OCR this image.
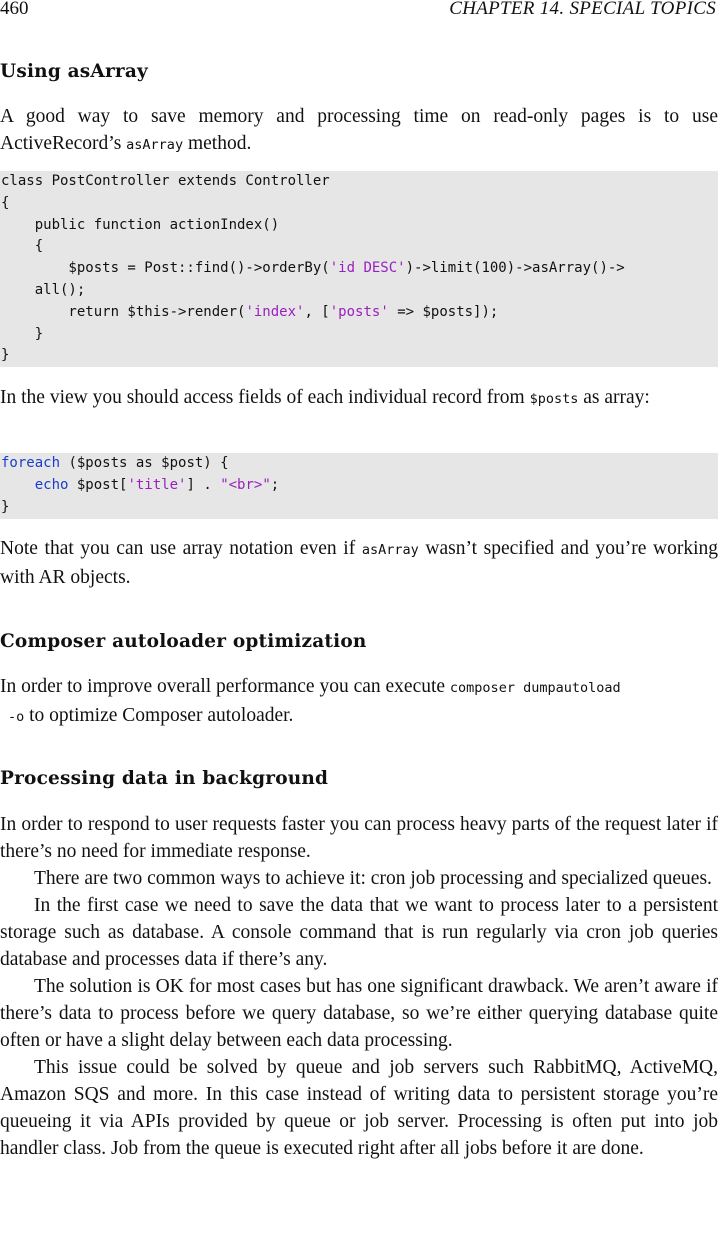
460	CHAPTER 14. SPECIAL TOPICS
Using asArray

A good way to save memory and processing time on read-only pages is to use ActiveRecord’s asArray method.

class PostController extends Controller
{
public function actionIndex()
{
$posts = Post::find()->orderBy('id DESC')->limit(100)->asArray()->
all();
return $this->render('index', ['posts' => $posts]);
}
}

In the view you should access fields of each individual record from $posts as array:

foreach ($posts as $post) {
echo $post['title'] . "<br>";
}

Note that you can use array notation even if asArray wasn’t specified and you’re working with AR objects.

Composer autoloader optimization

In order to improve overall performance you can execute composer dumpautoload
-o to optimize Composer autoloader.

Processing data in background

In order to respond to user requests faster you can process heavy parts of the request later if there’s no need for immediate response.

There are two common ways to achieve it: cron job processing and specialized queues.

In the first case we need to save the data that we want to process later to a persistent storage such as database. A console command that is run regularly via cron job queries database and processes data if there’s any.

The solution is OK for most cases but has one significant drawback. We aren’t aware if there’s data to process before we query database, so we’re either querying database quite often or have a slight delay between each data processing.

This issue could be solved by queue and job servers such RabbitMQ, ActiveMQ, Amazon SQS and more. In this case instead of writing data to persistent storage you’re queueing it via APIs provided by queue or job server. Processing is often put into job handler class. Job from the queue is executed right after all jobs before it are done.
